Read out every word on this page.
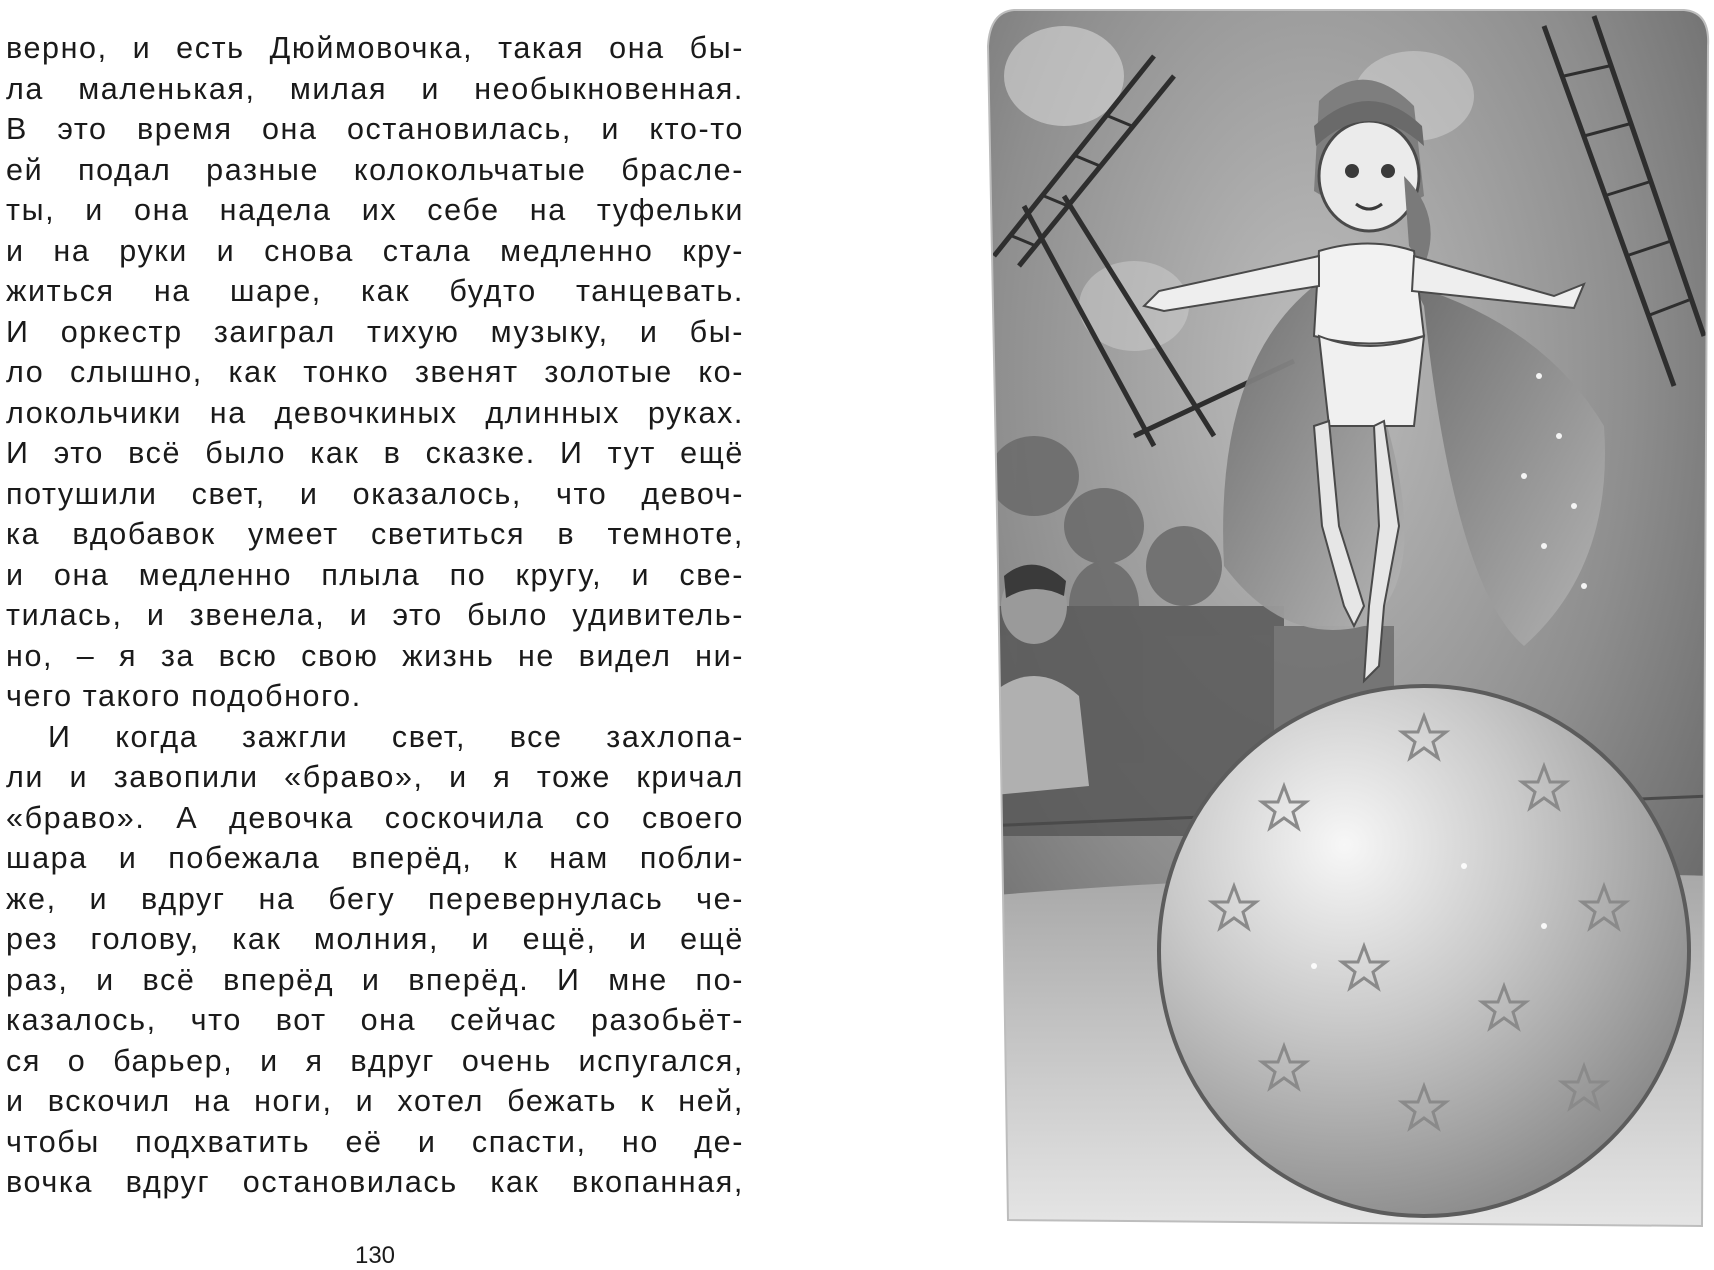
верно, и есть Дюймовочка, такая она бы-
ла маленькая, милая и необыкновенная.
В это время она остановилась, и кто-то
ей подал разные колокольчатые брасле-
ты, и она надела их себе на туфельки
и на руки и снова стала медленно кру-
житься на шаре, как будто танцевать.
И оркестр заиграл тихую музыку, и бы-
ло слышно, как тонко звенят золотые ко-
локольчики на девочкиных длинных руках.
И это всё было как в сказке. И тут ещё
потушили свет, и оказалось, что девоч-
ка вдобавок умеет светиться в темноте,
и она медленно плыла по кругу, и све-
тилась, и звенела, и это было удивитель-
но, – я за всю свою жизнь не видел ни-
чего такого подобного.
И когда зажгли свет, все захлопа-
ли и завопили «браво», и я тоже кричал
«браво». А девочка соскочила со своего
шара и побежала вперёд, к нам побли-
же, и вдруг на бегу перевернулась че-
рез голову, как молния, и ещё, и ещё
раз, и всё вперёд и вперёд. И мне по-
казалось, что вот она сейчас разобьёт-
ся о барьер, и я вдруг очень испугался,
и вскочил на ноги, и хотел бежать к ней,
чтобы подхватить её и спасти, но де-
вочка вдруг остановилась как вкопанная,
130
